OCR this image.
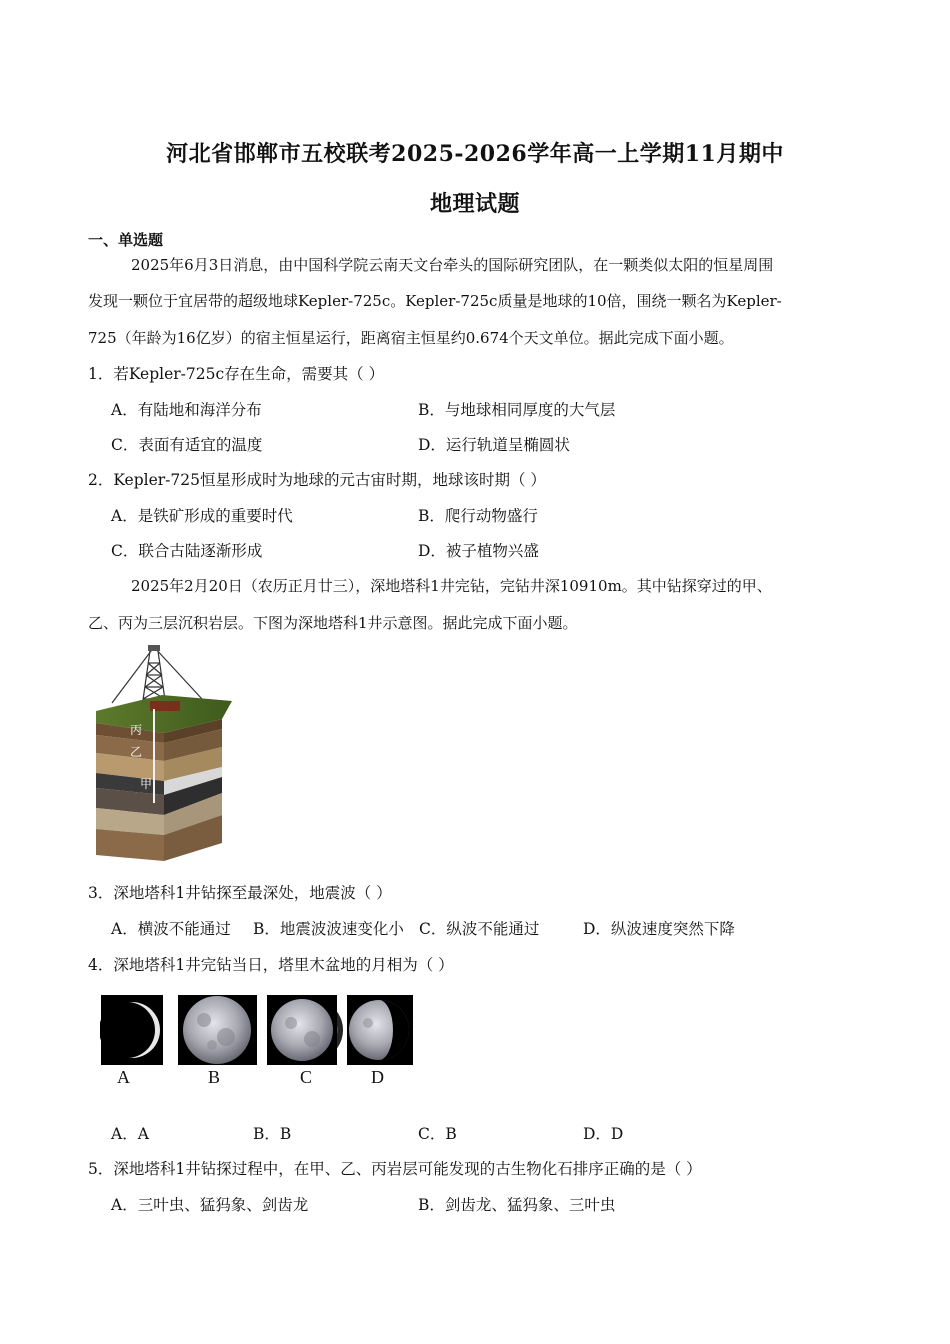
河北省邯郸市五校联考2025-2026学年高一上学期11月期中
地理试题
一、单选题
2025年6月3日消息，由中国科学院云南天文台牵头的国际研究团队，在一颗类似太阳的恒星周围
发现一颗位于宜居带的超级地球Kepler-725c。Kepler-725c质量是地球的10倍，围绕一颗名为Kepler-
725（年龄为16亿岁）的宿主恒星运行，距离宿主恒星约0.674个天文单位。据此完成下面小题。
1．若Kepler-725c存在生命，需要其（ ）
A．有陆地和海洋分布	B．与地球相同厚度的大气层
C．表面有适宜的温度	D．运行轨道呈椭圆状
2．Kepler-725恒星形成时为地球的元古宙时期，地球该时期（ ）
A．是铁矿形成的重要时代	B．爬行动物盛行
C．联合古陆逐渐形成	D．被子植物兴盛
2025年2月20日（农历正月廿三），深地塔科1井完钻，完钻井深10910m。其中钻探穿过的甲、
乙、丙为三层沉积岩层。下图为深地塔科1井示意图。据此完成下面小题。
丙
乙
甲
3．深地塔科1井钻探至最深处，地震波（ ）
A．横波不能通过 B．地震波波速变化小 C．纵波不能通过	D．纵波速度突然下降
4．深地塔科1井完钻当日，塔里木盆地的月相为（ ）
A	B	C	D
A．A	B．B	C．B	D．D
5．深地塔科1井钻探过程中，在甲、乙、丙岩层可能发现的古生物化石排序正确的是（ ）
A．三叶虫、猛犸象、剑齿龙	B．剑齿龙、猛犸象、三叶虫
